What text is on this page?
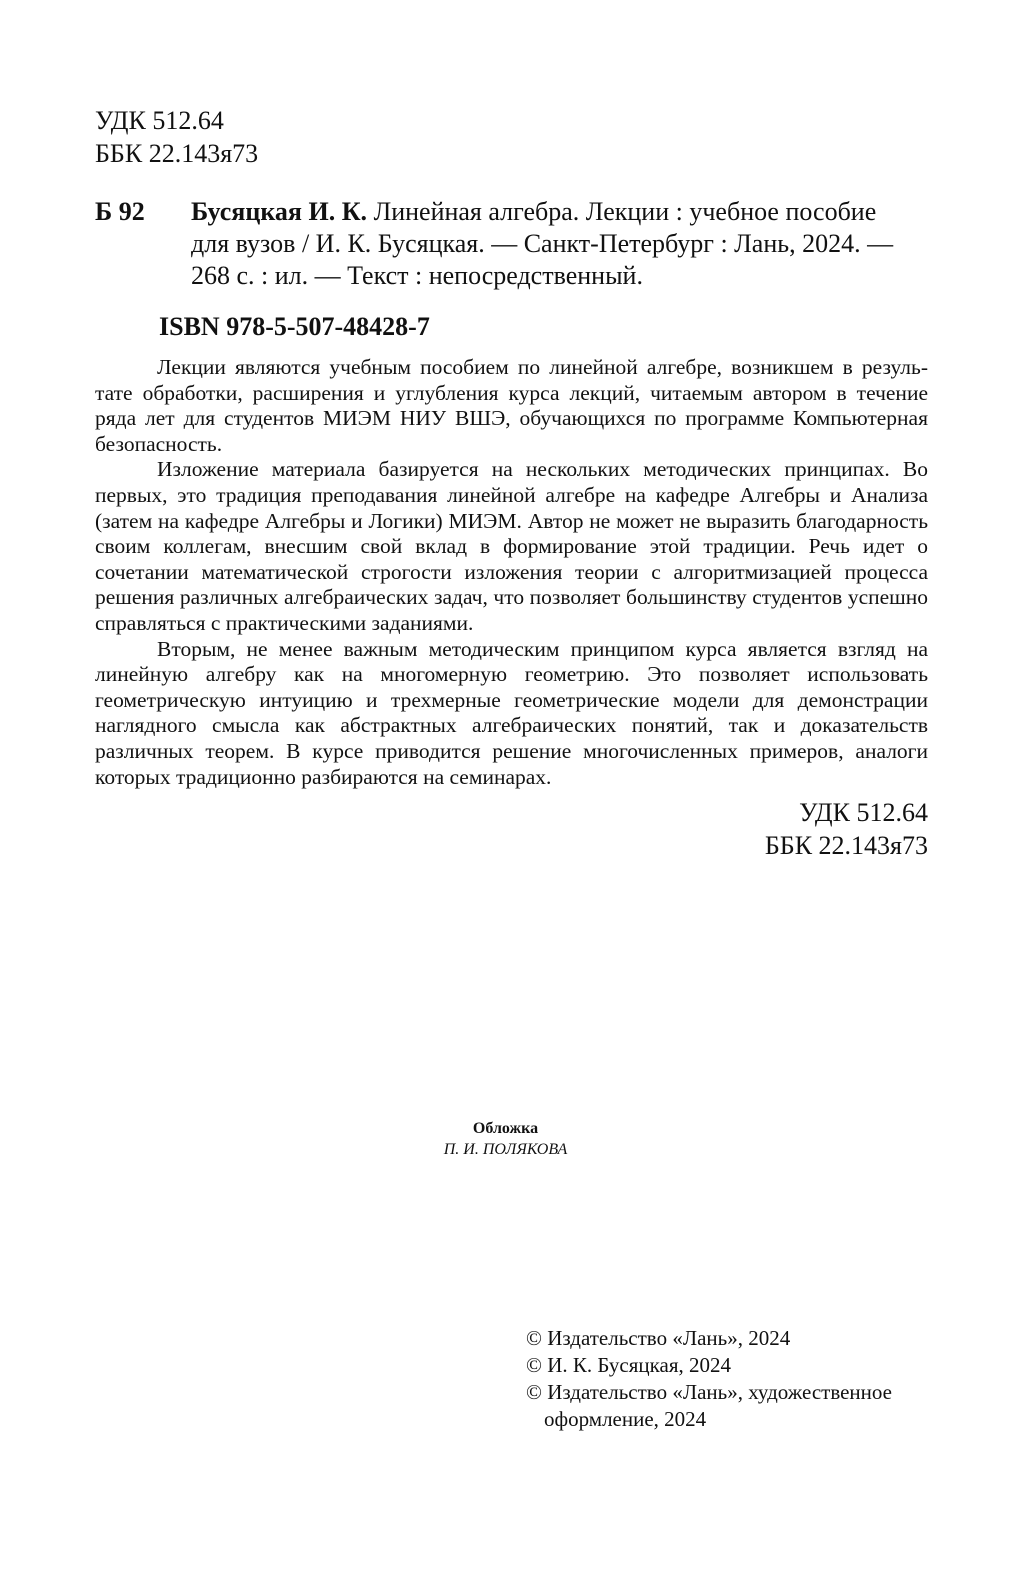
УДК 512.64
ББК 22.143я73
Б 92 Бусяцкая И. К. Линейная алгебра. Лекции : учебное пособие
для вузов / И. К. Бусяцкая. — Санкт-Петербург : Лань, 2024. —
268 с. : ил. — Текст : непосредственный.
ISBN 978-5-507-48428-7

Лекции являются учебным пособием по линейной алгебре, возникшем в резуль-тате обработки, расширения и углубления курса лекций, читаемым автором в течение ряда лет для студентов МИЭМ НИУ ВШЭ, обучающихся по программе Компьютерная безопасность.

Изложение материала базируется на нескольких методических принципах. Во первых, это традиция преподавания линейной алгебре на кафедре Алгебры и Анализа (затем на кафедре Алгебры и Логики) МИЭМ. Автор не может не выразить благодарность своим коллегам, внесшим свой вклад в формирование этой традиции. Речь идет о сочетании математической строгости изложения теории с алгоритмизацией процесса решения различных алгебраических задач, что позволяет большинству студентов успешно справляться с практическими заданиями.

Вторым, не менее важным методическим принципом курса является взгляд на линейную алгебру как на многомерную геометрию. Это позволяет использовать геометрическую интуицию и трехмерные геометрические модели для демонстрации наглядного смысла как абстрактных алгебраических понятий, так и доказательств различных теорем. В курсе приводится решение многочисленных примеров, аналоги которых традиционно разбираются на семинарах.

УДК 512.64
ББК 22.143я73
Обложка
П. И. ПОЛЯКОВА
© Издательство «Лань», 2024
© И. К. Бусяцкая, 2024
© Издательство «Лань», художественное
оформление, 2024
